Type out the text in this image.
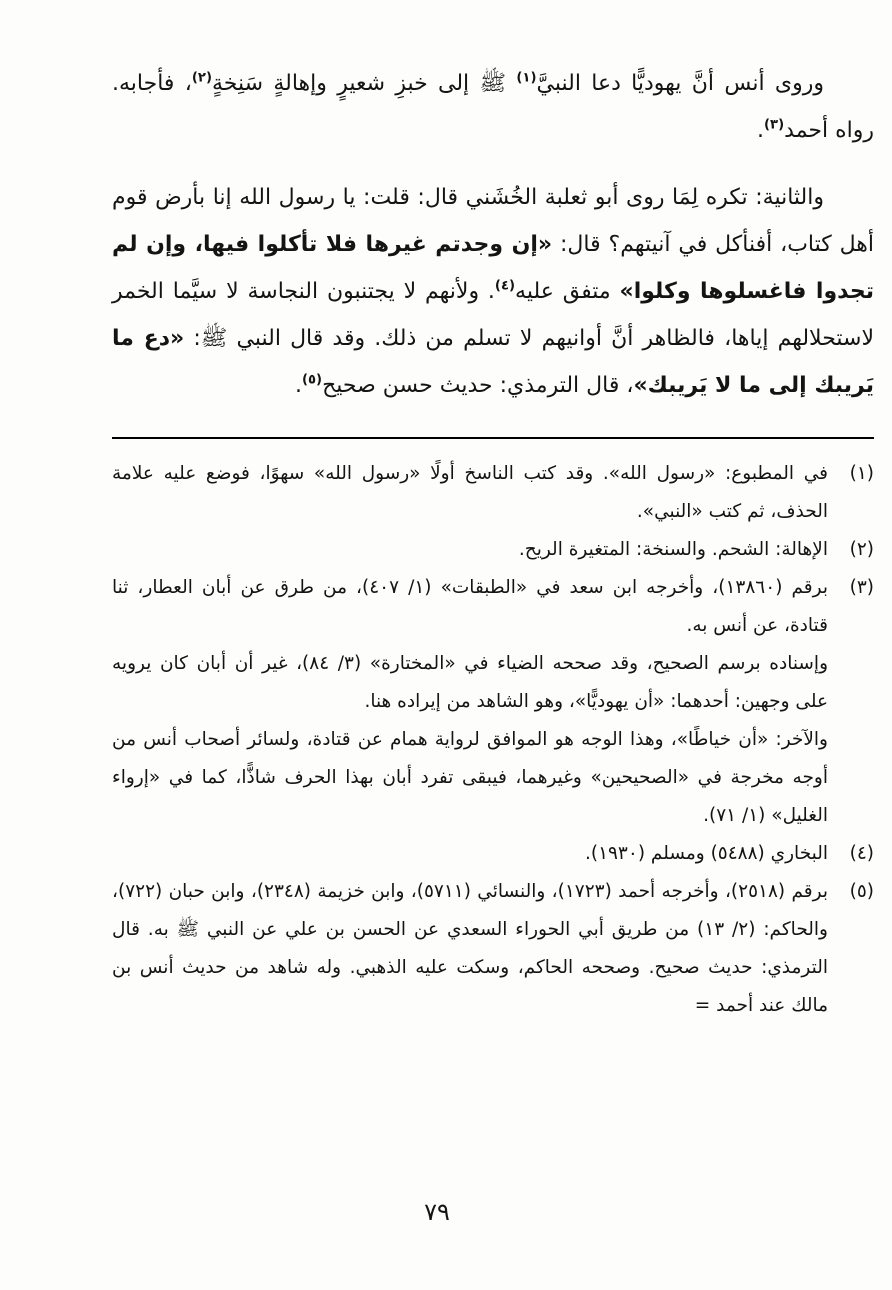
وروى أنس أنَّ يهوديًّا دعا النبيَّ$^{(١)}$ ﷺ إلى خبزِ شعيرٍ وإهالةٍ سَنِخةٍ$^{(٢)}$، فأجابه. رواه أحمد$^{(٣)}$.

والثانية: تكره لِمَا روى أبو ثعلبة الخُشَني قال: قلت: يا رسول الله إنا بأرض قوم أهل كتاب، أفنأكل في آنيتهم؟ قال: «إن وجدتم غيرها فلا تأكلوا فيها، وإن لم تجدوا فاغسلوها وكلوا» متفق عليه$^{(٤)}$. ولأنهم لا يجتنبون النجاسة لا سيَّما الخمر لاستحلالهم إياها، فالظاهر أنَّ أوانيهم لا تسلم من ذلك. وقد قال النبي ﷺ: «دع ما يَريبك إلى ما لا يَريبك»، قال الترمذي: حديث حسن صحيح$^{(٥)}$.

(١)

في المطبوع: «رسول الله». وقد كتب الناسخ أولًا «رسول الله» سهوًا، فوضع عليه علامة الحذف، ثم كتب «النبي».

(٢)

الإهالة: الشحم. والسنخة: المتغيرة الريح.

(٣)

برقم (١٣٨٦٠)، وأخرجه ابن سعد في «الطبقات» (١/ ٤٠٧)، من طرق عن أبان العطار، ثنا قتادة، عن أنس به.

وإسناده برسم الصحيح، وقد صححه الضياء في «المختارة» (٣/ ٨٤)، غير أن أبان كان يرويه على وجهين: أحدهما: «أن يهوديًّا»، وهو الشاهد من إيراده هنا.

والآخر: «أن خياطًا»، وهذا الوجه هو الموافق لرواية همام عن قتادة، ولسائر أصحاب أنس من أوجه مخرجة في «الصحيحين» وغيرهما، فيبقى تفرد أبان بهذا الحرف شاذًّا، كما في «إرواء الغليل» (١/ ٧١).

(٤)

البخاري (٥٤٨٨) ومسلم (١٩٣٠).

(٥)

برقم (٢٥١٨)، وأخرجه أحمد (١٧٢٣)، والنسائي (٥٧١١)، وابن خزيمة (٢٣٤٨)، وابن حبان (٧٢٢)، والحاكم: (٢/ ١٣) من طريق أبي الحوراء السعدي عن الحسن بن علي عن النبي ﷺ به. قال الترمذي: حديث صحيح. وصححه الحاكم، وسكت عليه الذهبي. وله شاهد من حديث أنس بن مالك عند أحمد =

٧٩
